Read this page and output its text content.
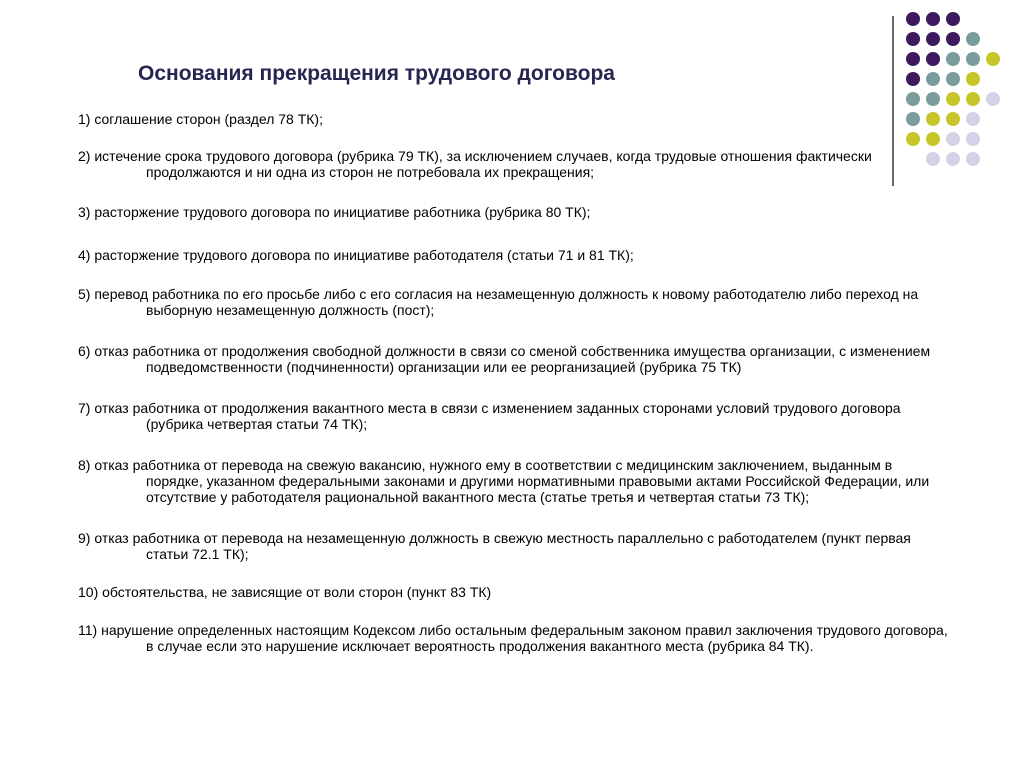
Основания прекращения трудового договора
1) соглашение сторон (раздел 78 ТК);
2) истечение срока трудового договора (рубрика 79 ТК), за исключением случаев, когда трудовые отношения фактически продолжаются и ни одна из сторон не потребовала их прекращения;
3) расторжение трудового договора по инициативе работника (рубрика 80 ТК);
4) расторжение трудового договора по инициативе работодателя (статьи 71 и 81 ТК);
5) перевод работника по его просьбе либо с его согласия на незамещенную должность к новому работодателю либо переход на выборную незамещенную должность (пост);
6) отказ работника от продолжения свободной должности в связи со сменой собственника имущества организации, с изменением подведомственности (подчиненности) организации или ее реорганизацией (рубрика 75 ТК)
7) отказ работника от продолжения вакантного места в связи с изменением заданных сторонами условий трудового договора (рубрика четвертая статьи 74 ТК);
8) отказ работника от перевода на свежую вакансию, нужного ему в соответствии с медицинским заключением, выданным в порядке, указанном федеральными законами и другими нормативными правовыми актами Российской Федерации, или отсутствие у работодателя рациональной вакантного места (статье третья и четвертая статьи 73 ТК);
9) отказ работника от перевода на незамещенную должность в свежую местность параллельно с работодателем (пункт первая статьи 72.1 ТК);
10) обстоятельства, не зависящие от воли сторон (пункт 83 ТК)
11) нарушение определенных настоящим Кодексом либо остальным федеральным законом правил заключения трудового договора, в случае если это нарушение исключает вероятность продолжения вакантного места (рубрика 84 ТК).
